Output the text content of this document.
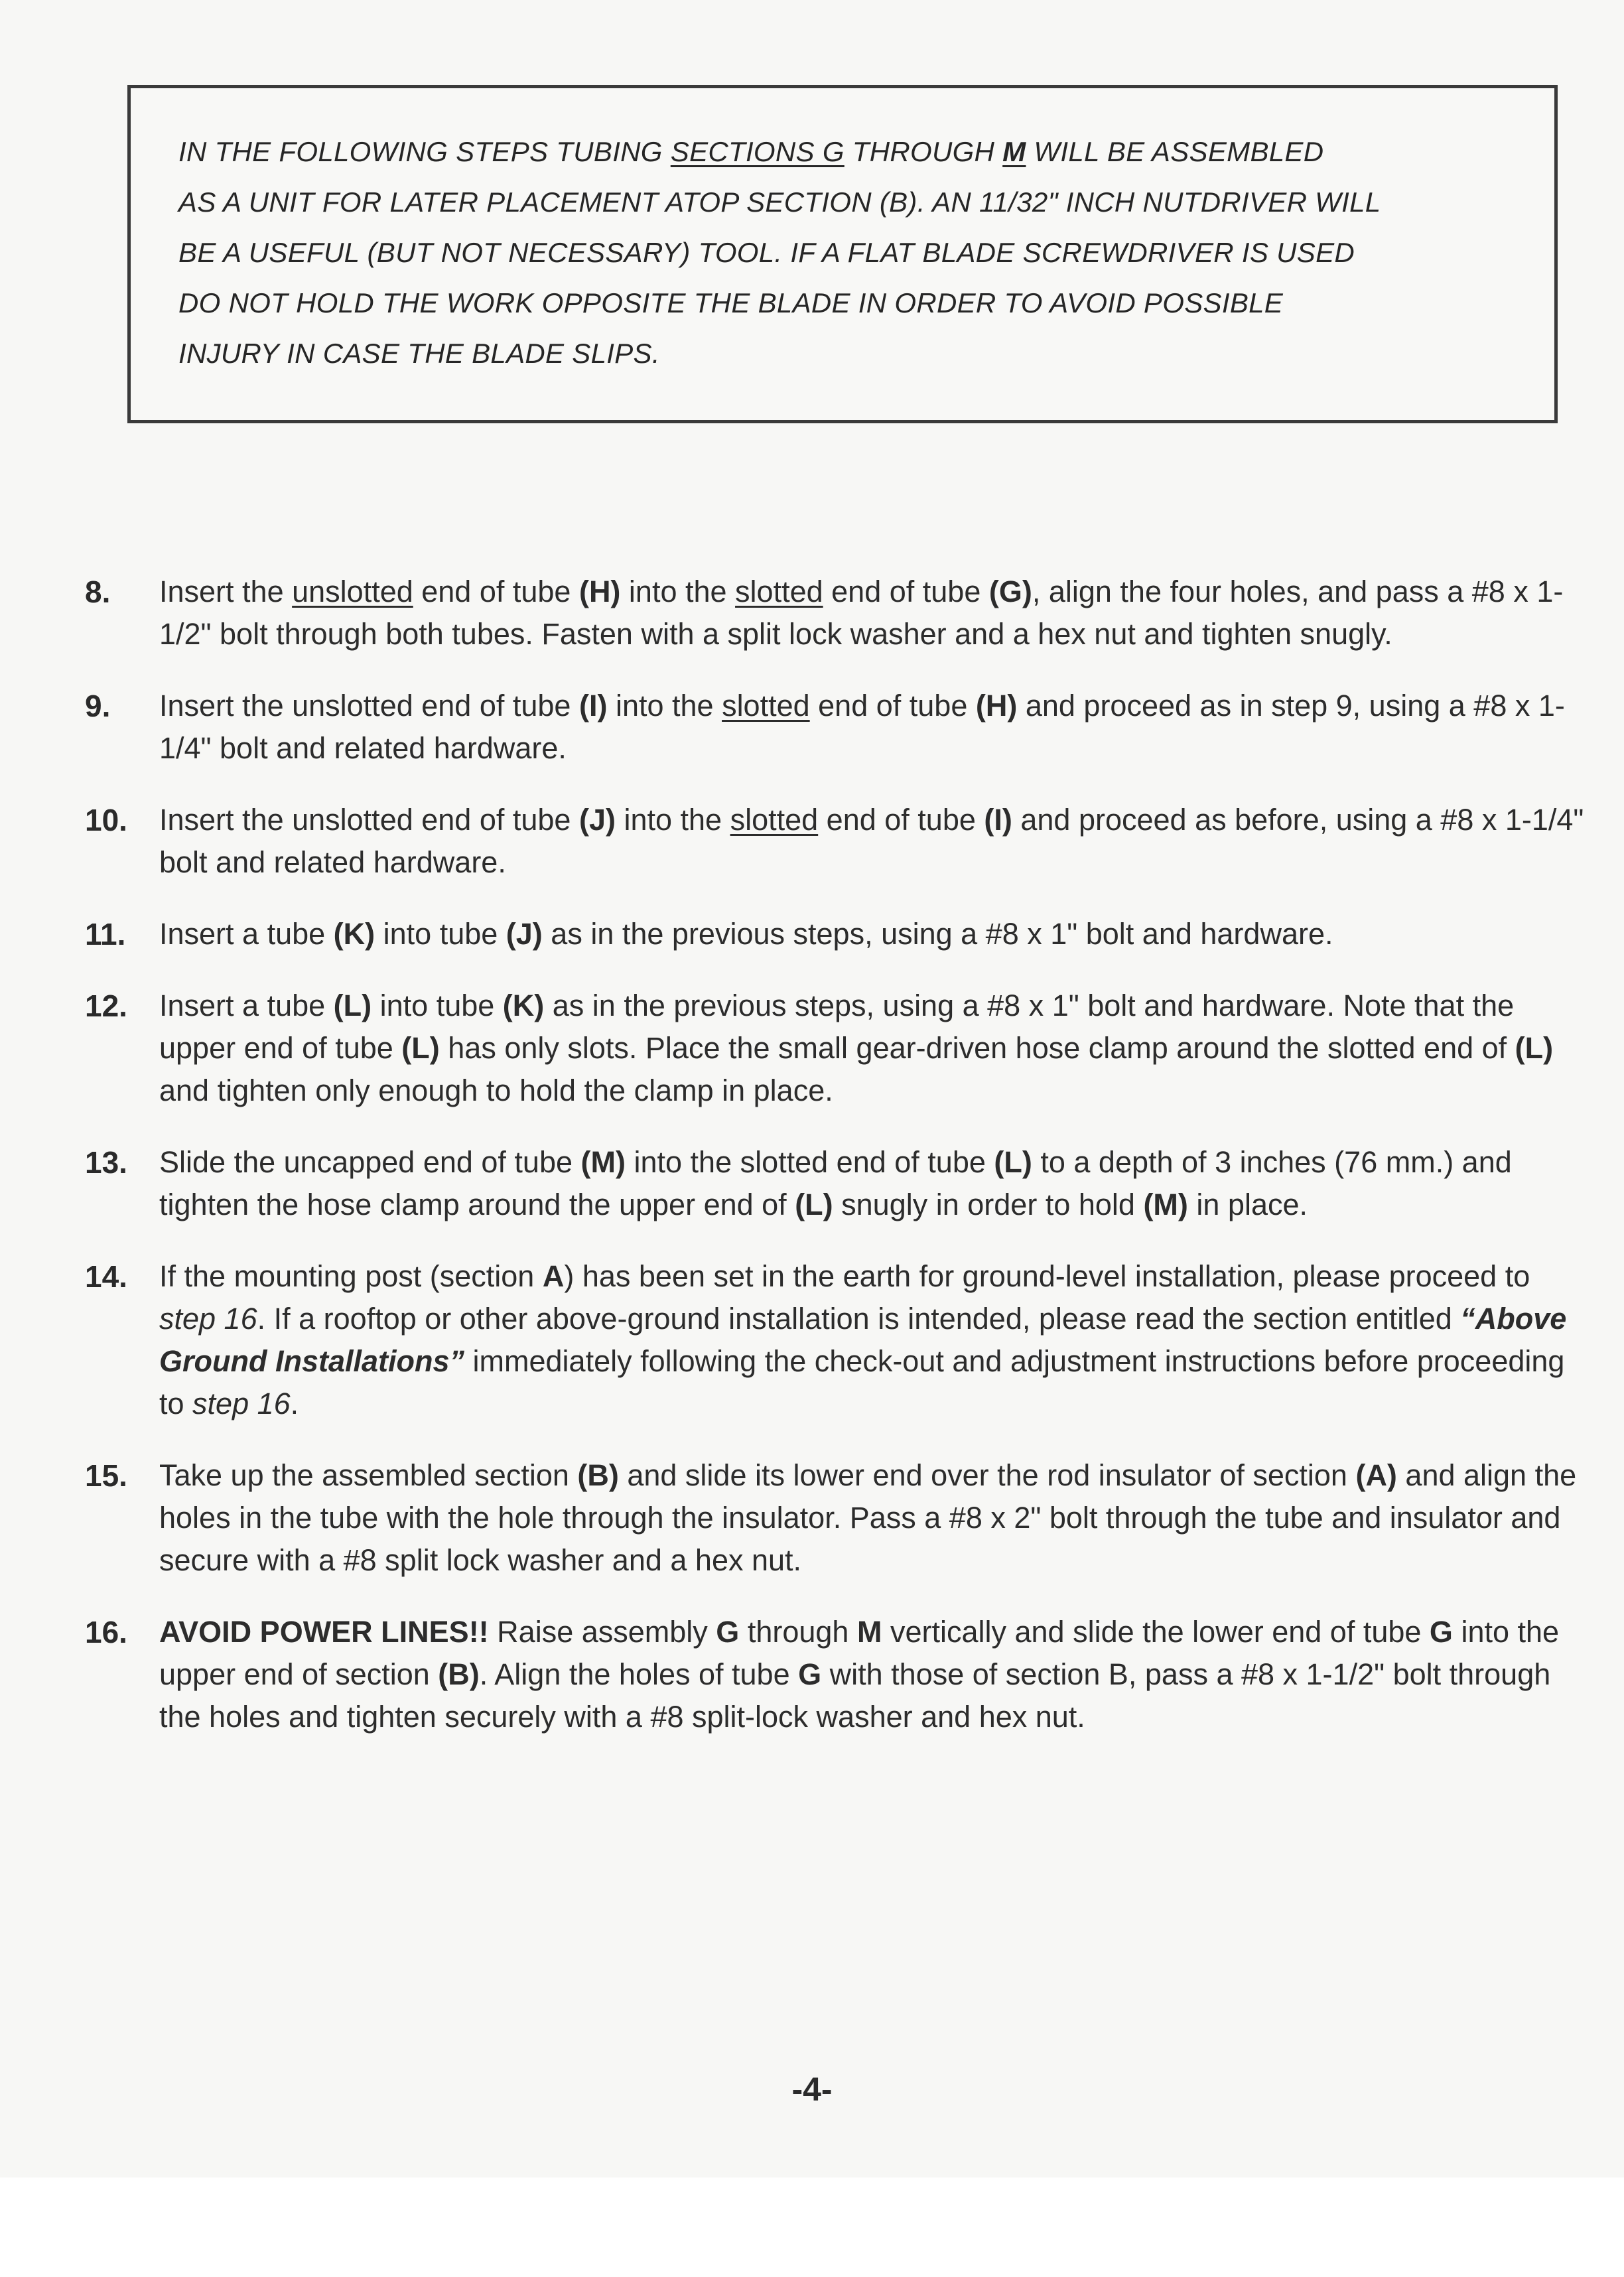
IN THE FOLLOWING STEPS TUBING SECTIONS G THROUGH M WILL BE ASSEMBLED
AS A UNIT FOR LATER PLACEMENT ATOP SECTION (B). AN 11/32" INCH NUTDRIVER WILL
BE A USEFUL (BUT NOT NECESSARY) TOOL. IF A FLAT BLADE SCREWDRIVER IS USED
DO NOT HOLD THE WORK OPPOSITE THE BLADE IN ORDER TO AVOID POSSIBLE
INJURY IN CASE THE BLADE SLIPS.

8. Insert the unslotted end of tube (H) into the slotted end of tube (G), align the four holes, and pass a #8 x 1-1/2" bolt through both tubes. Fasten with a split lock washer and a hex nut and tighten snugly.
9. Insert the unslotted end of tube (I) into the slotted end of tube (H) and proceed as in step 9, using a #8 x 1-1/4" bolt and related hardware.
10. Insert the unslotted end of tube (J) into the slotted end of tube (I) and proceed as before, using a #8 x 1-1/4" bolt and related hardware.
11. Insert a tube (K) into tube (J) as in the previous steps, using a #8 x 1" bolt and hardware.
12. Insert a tube (L) into tube (K) as in the previous steps, using a #8 x 1" bolt and hardware. Note that the upper end of tube (L) has only slots. Place the small gear-driven hose clamp around the slotted end of (L) and tighten only enough to hold the clamp in place.
13. Slide the uncapped end of tube (M) into the slotted end of tube (L) to a depth of 3 inches (76 mm.) and tighten the hose clamp around the upper end of (L) snugly in order to hold (M) in place.
14. If the mounting post (section A) has been set in the earth for ground-level installation, please proceed to step 16. If a rooftop or other above-ground installation is intended, please read the section entitled “Above Ground Installations” immediately following the check-out and adjustment instructions before proceeding to step 16.
15. Take up the assembled section (B) and slide its lower end over the rod insulator of section (A) and align the holes in the tube with the hole through the insulator. Pass a #8 x 2" bolt through the tube and insulator and secure with a #8 split lock washer and a hex nut.
16. AVOID POWER LINES!! Raise assembly G through M vertically and slide the lower end of tube G into the upper end of section (B). Align the holes of tube G with those of section B, pass a #8 x 1-1/2" bolt through the holes and tighten securely with a #8 split-lock washer and hex nut.
-4-
